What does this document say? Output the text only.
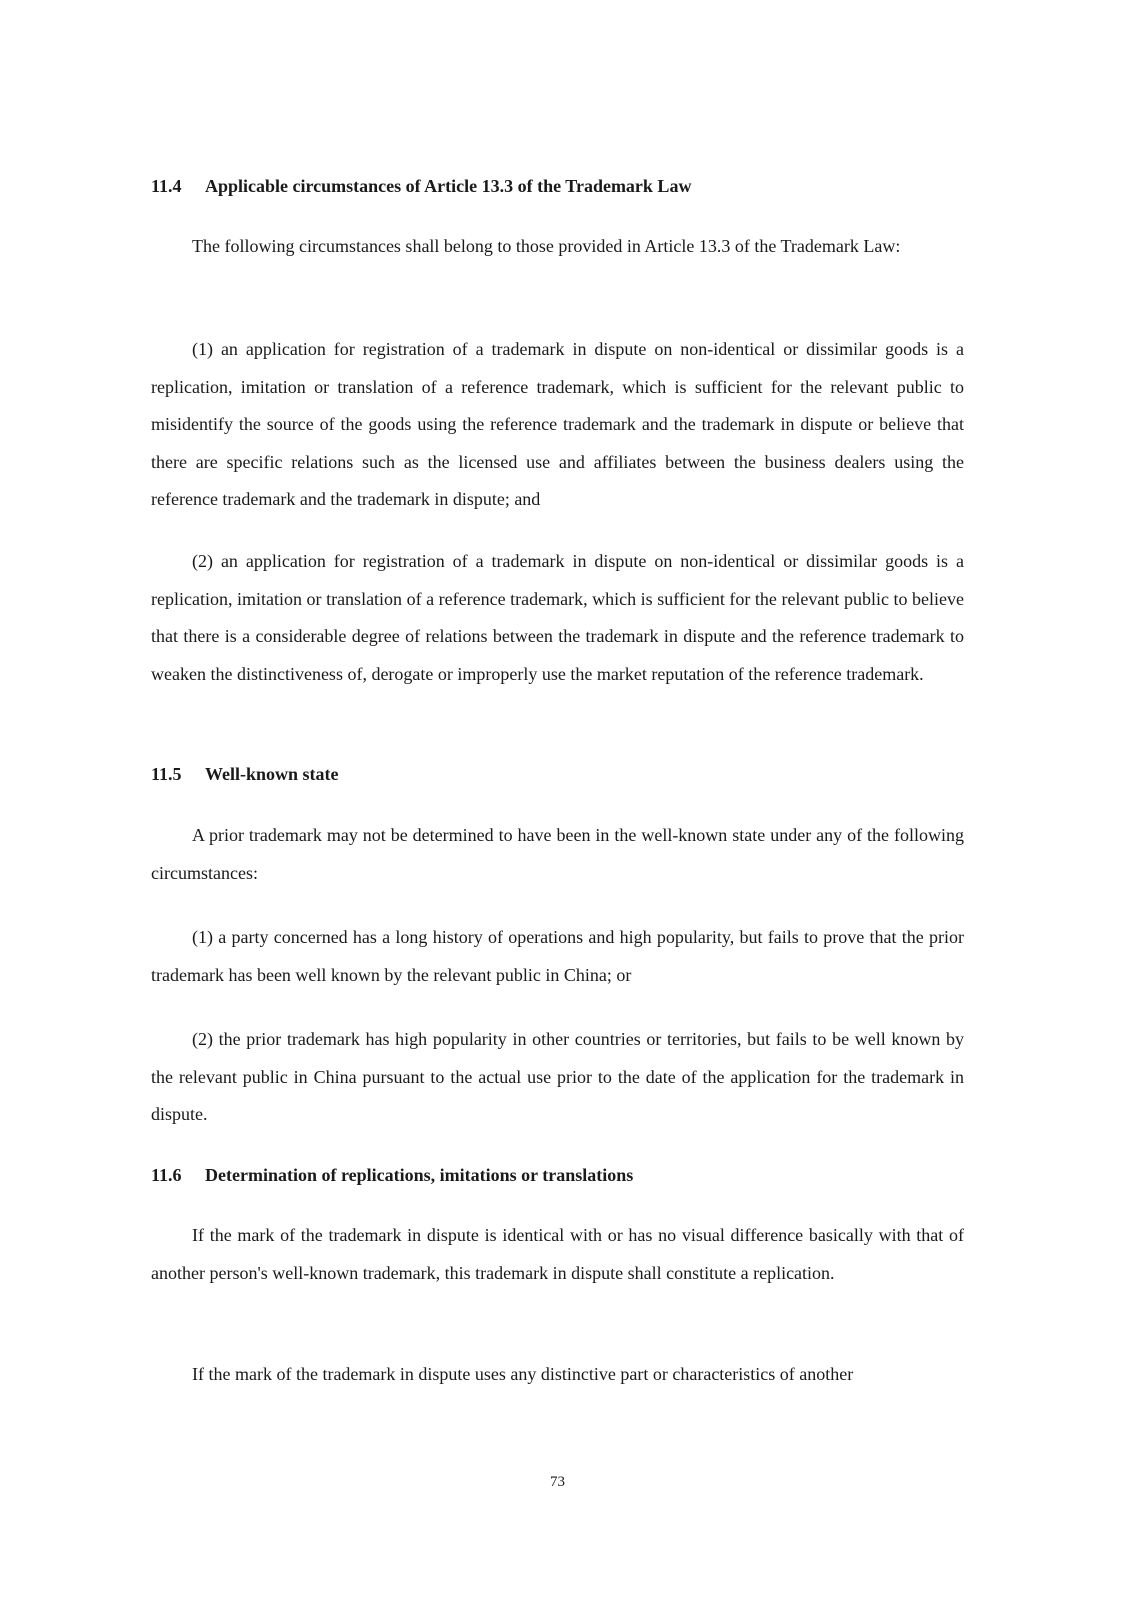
11.4 Applicable circumstances of Article 13.3 of the Trademark Law

The following circumstances shall belong to those provided in Article 13.3 of the Trademark Law:

(1) an application for registration of a trademark in dispute on non-identical or dissimilar goods is a replication, imitation or translation of a reference trademark, which is sufficient for the relevant public to misidentify the source of the goods using the reference trademark and the trademark in dispute or believe that there are specific relations such as the licensed use and affiliates between the business dealers using the reference trademark and the trademark in dispute; and

(2) an application for registration of a trademark in dispute on non-identical or dissimilar goods is a replication, imitation or translation of a reference trademark, which is sufficient for the relevant public to believe that there is a considerable degree of relations between the trademark in dispute and the reference trademark to weaken the distinctiveness of, derogate or improperly use the market reputation of the reference trademark.

11.5 Well-known state

A prior trademark may not be determined to have been in the well-known state under any of the following circumstances:

(1) a party concerned has a long history of operations and high popularity, but fails to prove that the prior trademark has been well known by the relevant public in China; or

(2) the prior trademark has high popularity in other countries or territories, but fails to be well known by the relevant public in China pursuant to the actual use prior to the date of the application for the trademark in dispute.

11.6 Determination of replications, imitations or translations

If the mark of the trademark in dispute is identical with or has no visual difference basically with that of another person's well-known trademark, this trademark in dispute shall constitute a replication.

If the mark of the trademark in dispute uses any distinctive part or characteristics of another

73
